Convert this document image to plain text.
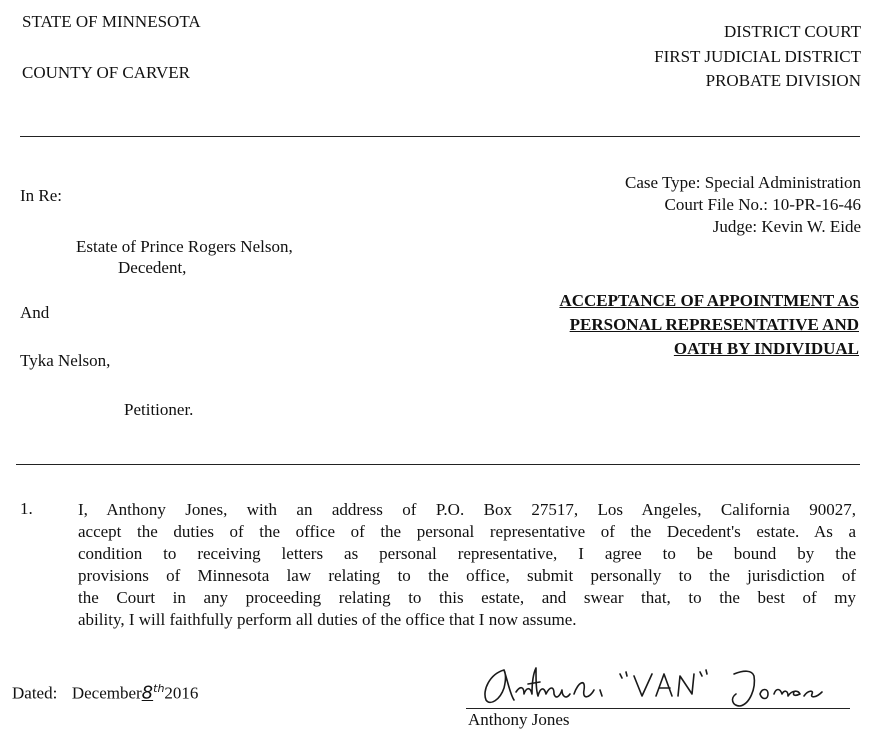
STATE OF MINNESOTA
COUNTY OF CARVER
DISTRICT COURT
FIRST JUDICIAL DISTRICT
PROBATE DIVISION
In Re:
Estate of Prince Rogers Nelson,
Decedent,
And
Tyka Nelson,
Petitioner.
Case Type: Special Administration
Court File No.: 10-PR-16-46
Judge: Kevin W. Eide
ACCEPTANCE OF APPOINTMENT AS
PERSONAL REPRESENTATIVE AND
OATH BY INDIVIDUAL
1.	I, Anthony Jones, with an address of P.O. Box 27517, Los Angeles, California 90027,
accept the duties of the office of the personal representative of the Decedent's estate. As a
condition to receiving letters as personal representative, I agree to be bound by the
provisions of Minnesota law relating to the office, submit personally to the jurisdiction of
the Court in any proceeding relating to this estate, and swear that, to the best of my
ability, I will faithfully perform all duties of the office that I now assume.
Dated: December8th2016
Anthony Jones
